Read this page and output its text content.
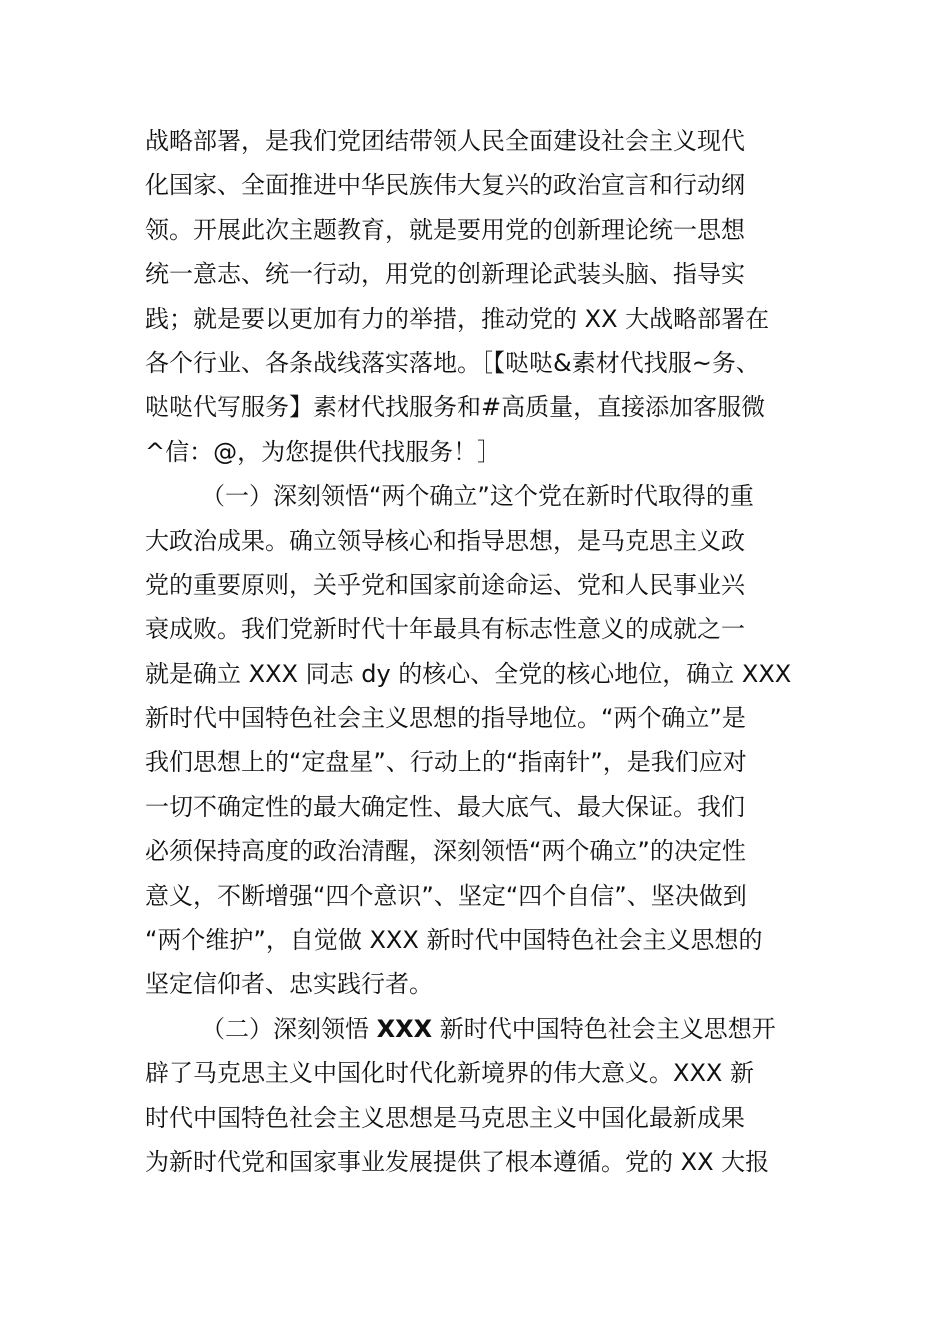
战略部署，是我们党团结带领人民全面建设社会主义现代
化国家、全面推进中华民族伟大复兴的政治宣言和行动纲
领。开展此次主题教育，就是要用党的创新理论统一思想
统一意志、统一行动，用党的创新理论武装头脑、指导实
践；就是要以更加有力的举措，推动党的 XX 大战略部署在
各个行业、各条战线落实落地。［【哒哒&素材代找服~务、
哒哒代写服务】素材代找服务和#高质量，直接添加客服微
^信：@，为您提供代找服务！］
（一）深刻领悟“两个确立”这个党在新时代取得的重
大政治成果。确立领导核心和指导思想，是马克思主义政
党的重要原则，关乎党和国家前途命运、党和人民事业兴
衰成败。我们党新时代十年最具有标志性意义的成就之一
就是确立 XXX 同志 dy 的核心、全党的核心地位，确立 XXX
新时代中国特色社会主义思想的指导地位。“两个确立”是
我们思想上的“定盘星”、行动上的“指南针”，是我们应对
一切不确定性的最大确定性、最大底气、最大保证。我们
必须保持高度的政治清醒，深刻领悟“两个确立”的决定性
意义，不断增强“四个意识”、坚定“四个自信”、坚决做到
“两个维护”，自觉做 XXX 新时代中国特色社会主义思想的
坚定信仰者、忠实践行者。
（二）深刻领悟 XXX 新时代中国特色社会主义思想开
辟了马克思主义中国化时代化新境界的伟大意义。XXX 新
时代中国特色社会主义思想是马克思主义中国化最新成果
为新时代党和国家事业发展提供了根本遵循。党的 XX 大报
